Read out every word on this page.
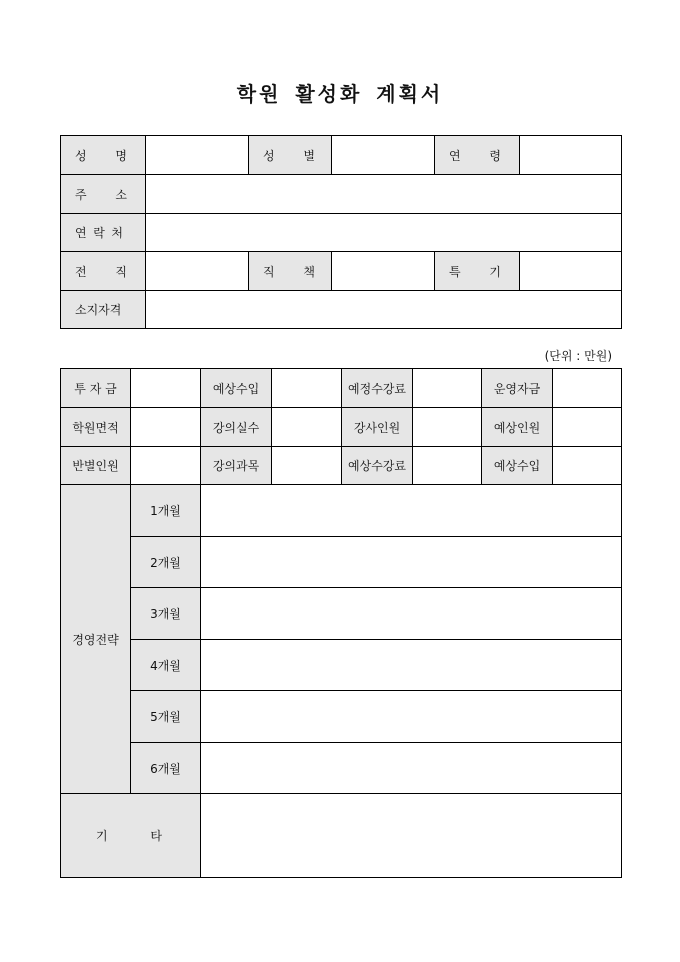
학원 활성화 계획서
성 명		성 별		연 령	

주 소					

연 락 처					

전 직		직 책		특 기	

소지자격					
(단위 : 만원)
투 자 금		예상수입		예정수강료		운영자금	
학원면적		강의실수		강사인원		예상인원	
반별인원		강의과목		예상수강료		예상수입	
경영전략	1개월						
	2개월						
	3개월						
	4개월						
	5개월						
	6개월						

기 타							
